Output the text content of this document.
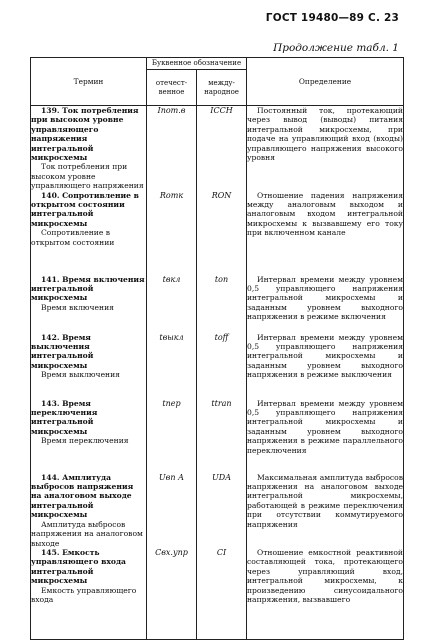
ГОСТ 19480—89 С. 23
Продолжение табл. 1
Термин	Буквенное обозначение		Определение
	отечест- венное	между- народное	

139. Ток потребления при высоком уровне управляющего напряжения интегральной микросхемы
Ток потребления при высоком уровне управляющего напряжения	Iпот.в	ICCH	Постоянный ток, протекающий через вывод (выводы) питания интегральной микросхемы, при подаче на управляющий вход (входы) управляющего напряжения высокого уровня

140. Сопротивление в открытом состоянии интегральной микросхемы
Сопротивление в открытом состоянии	Rотк	RON	Отношение падения напряжения между аналоговым выходом и аналоговым входом интегральной микросхемы к вызвавшему его току при включенном канале

141. Время включения интегральной микросхемы
Время включения	tвкл	ton	Интервал времени между уровнем 0,5 управляющего напряжения интегральной микросхемы и заданным уровнем выходного напряжения в режиме включения

142. Время выключения интегральной микросхемы
Время выключения	tвыкл	toff	Интервал времени между уровнем 0,5 управляющего напряжения интегральной микросхемы и заданным уровнем выходного напряжения в режиме выключения

143. Время переключения интегральной микросхемы
Время переключения	tпер	ttran	Интервал времени между уровнем 0,5 управляющего напряжения интегральной микросхемы и заданным уровнем выходного напряжения в режиме параллельного переключения

144. Амплитуда выбросов напряжения на аналоговом выходе интегральной микросхемы
Амплитуда выбросов напряжения на аналоговом выходе	Uвп А	UDA	Максимальная амплитуда выбросов напряжения на аналоговом выходе интегральной микросхемы, работающей в режиме переключения при отсутствии коммутируемого напряжения

145. Емкость управляющего входа интегральной микросхемы
Емкость управляющего входа	Cвх.упр	CI	Отношение емкостной реактивной составляющей тока, протекающего через управляющий вход, интегральной микросхемы, к произведению синусоидального напряжения, вызвавшего
